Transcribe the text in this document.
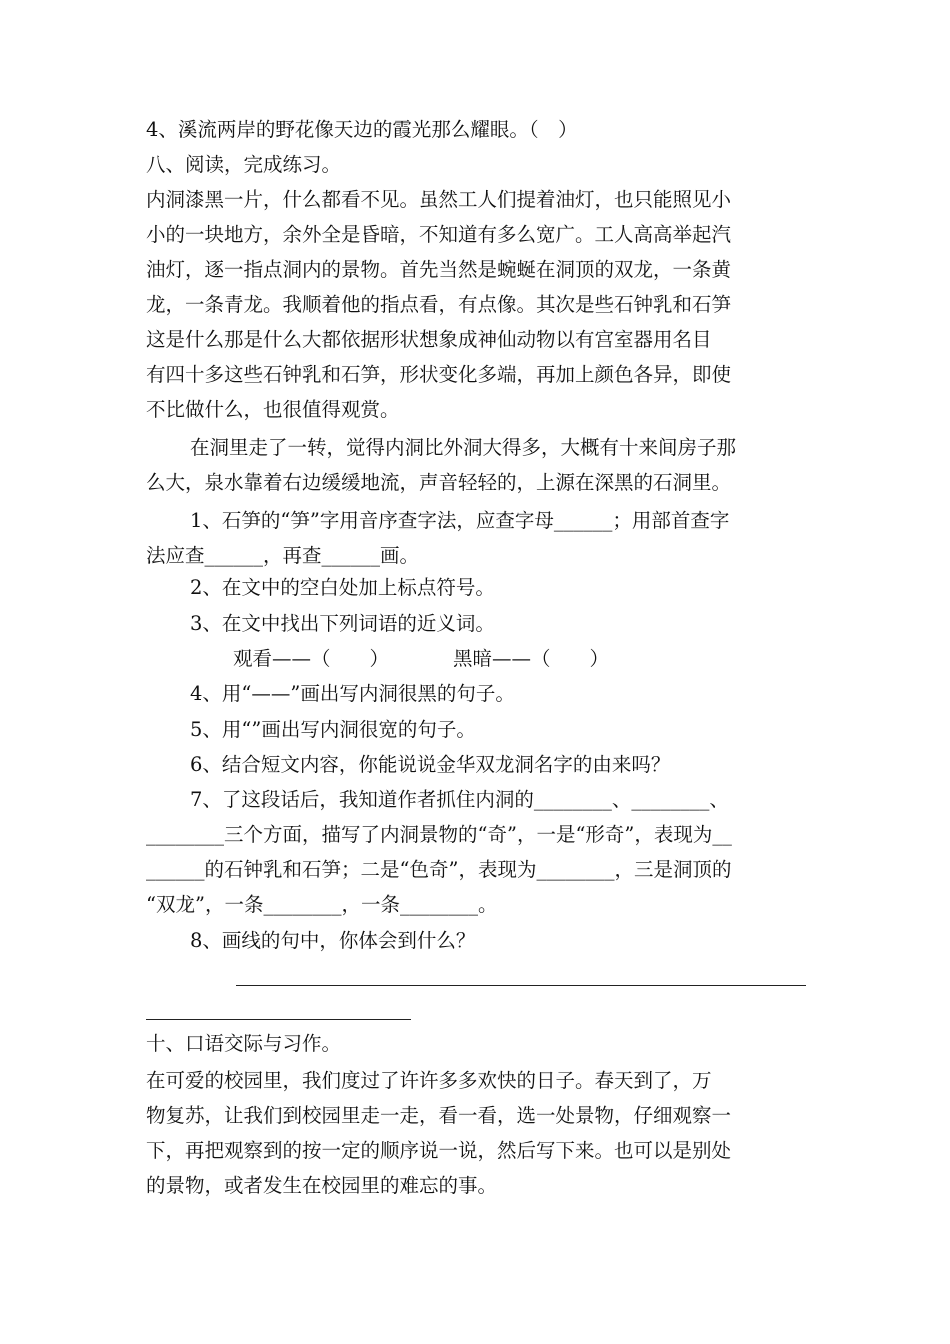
4、溪流两岸的野花像天边的霞光那么耀眼。（　）
八、阅读，完成练习。
内洞漆黑一片，什么都看不见。虽然工人们提着油灯，也只能照见小
小的一块地方，余外全是昏暗，不知道有多么宽广。工人高高举起汽
油灯，逐一指点洞内的景物。首先当然是蜿蜒在洞顶的双龙，一条黄
龙，一条青龙。我顺着他的指点看，有点像。其次是些石钟乳和石笋
这是什么那是什么大都依据形状想象成神仙动物以有宫室器用名目
有四十多这些石钟乳和石笋，形状变化多端，再加上颜色各异，即使
不比做什么，也很值得观赏。
在洞里走了一转，觉得内洞比外洞大得多，大概有十来间房子那
么大，泉水靠着右边缓缓地流，声音轻轻的，上源在深黑的石洞里。
1、石笋的“笋”字用音序查字法，应查字母______；用部首查字
法应查______，再查______画。
2、在文中的空白处加上标点符号。
3、在文中找出下列词语的近义词。
观看——（　　）	黑暗——（　　）
4、用“——”画出写内洞很黑的句子。
5、用“”画出写内洞很宽的句子。
6、结合短文内容，你能说说金华双龙洞名字的由来吗？
7、了这段话后，我知道作者抓住内洞的________、________、
________三个方面，描写了内洞景物的“奇”，一是“形奇”，表现为__
______的石钟乳和石笋；二是“色奇”，表现为________，三是洞顶的
“双龙”，一条________，一条________。
8、画线的句中，你体会到什么？
十、口语交际与习作。
在可爱的校园里，我们度过了许许多多欢快的日子。春天到了，万
物复苏，让我们到校园里走一走，看一看，选一处景物，仔细观察一
下，再把观察到的按一定的顺序说一说，然后写下来。也可以是别处
的景物，或者发生在校园里的难忘的事。
